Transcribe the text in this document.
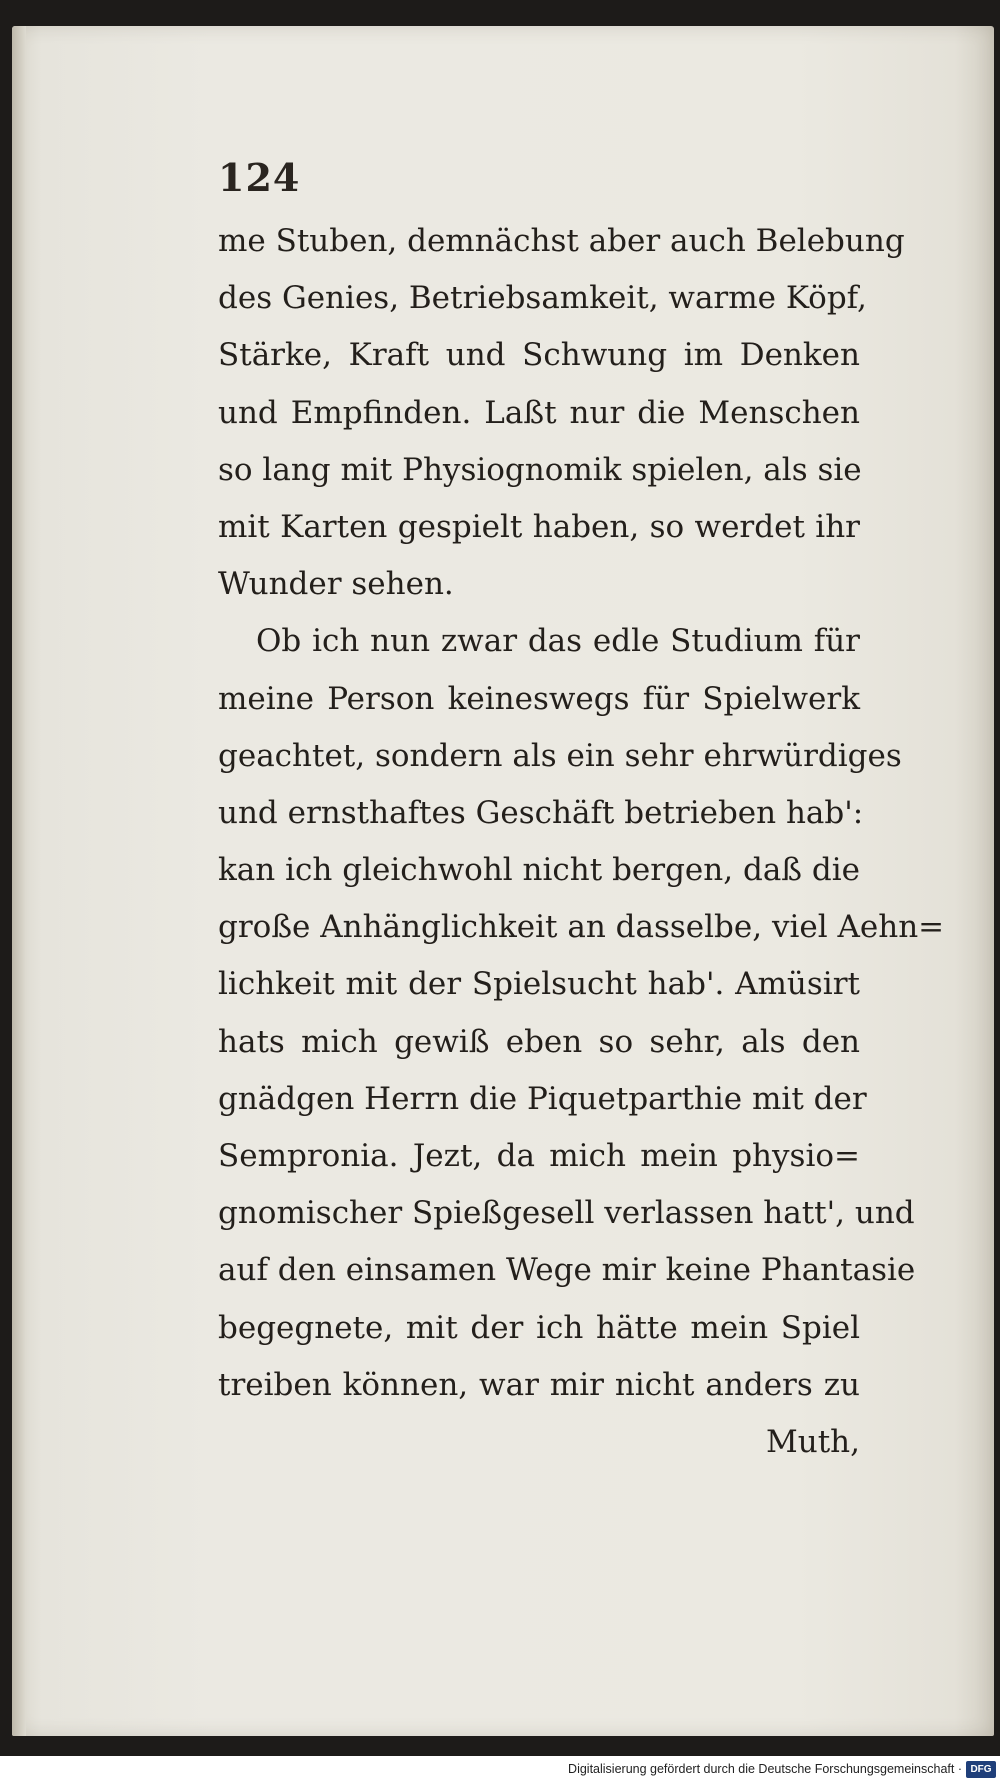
124
me Stuben, demnächst aber auch Belebung
des Genies, Betriebsamkeit, warme Köpf,
Stärke, Kraft und Schwung im Denken
und Empfinden. Laßt nur die Menschen
so lang mit Physiognomik spielen, als sie
mit Karten gespielt haben, so werdet ihr
Wunder sehen.
Ob ich nun zwar das edle Studium für
meine Person keineswegs für Spielwerk
geachtet, sondern als ein sehr ehrwürdiges
und ernsthaftes Geschäft betrieben hab':
kan ich gleichwohl nicht bergen, daß die
große Anhänglichkeit an dasselbe, viel Aehn=
lichkeit mit der Spielsucht hab'. Amüsirt
hats mich gewiß eben so sehr, als den
gnädgen Herrn die Piquetparthie mit der
Sempronia. Jezt, da mich mein physio=
gnomischer Spießgesell verlassen hatt', und
auf den einsamen Wege mir keine Phantasie
begegnete, mit der ich hätte mein Spiel
treiben können, war mir nicht anders zu
Muth,
Digitalisierung gefördert durch die Deutsche Forschungsgemeinschaft · DFG
